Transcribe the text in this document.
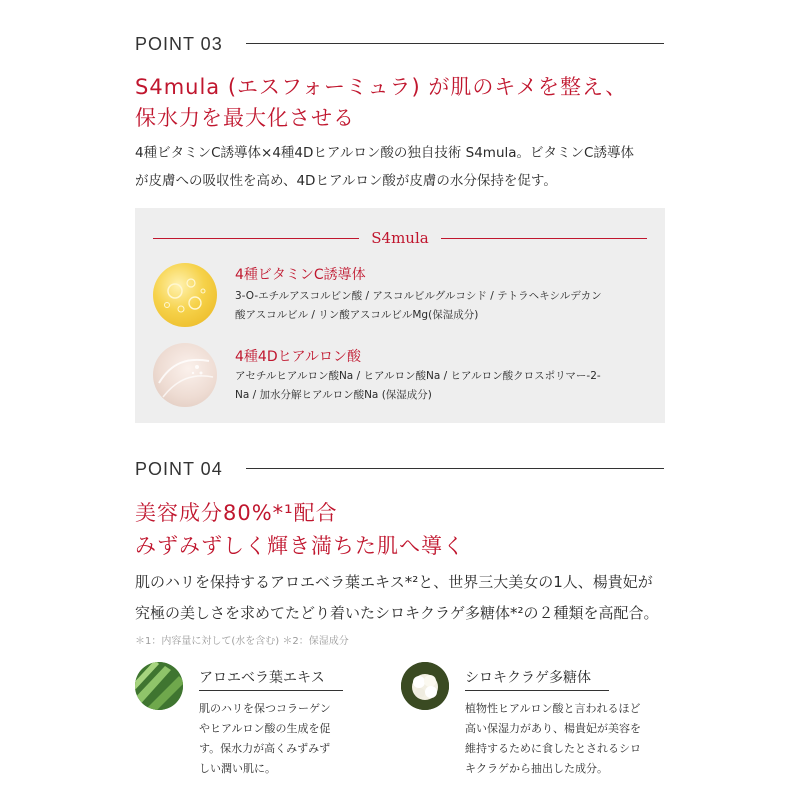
POINT 03
S4mula (エスフォーミュラ) が肌のキメを整え、
保水力を最大化させる
4種ビタミンC誘導体×4種4Dヒアルロン酸の独自技術 S4mula。ビタミンC誘導体
が皮膚への吸収性を高め、4Dヒアルロン酸が皮膚の水分保持を促す。
S4mula
4種ビタミンC誘導体
3-O-エチルアスコルビン酸 / アスコルビルグルコシド / テトラヘキシルデカン
酸アスコルビル / リン酸アスコルビルMg(保湿成分)
4種4Dヒアルロン酸
アセチルヒアルロン酸Na / ヒアルロン酸Na / ヒアルロン酸クロスポリマー-2-
Na / 加水分解ヒアルロン酸Na (保湿成分)
POINT 04
美容成分80%*¹配合
みずみずしく輝き満ちた肌へ導く
肌のハリを保持するアロエベラ葉エキス*²と、世界三大美女の1人、楊貴妃が
究極の美しさを求めてたどり着いたシロキクラゲ多糖体*²の２種類を高配合。
＊1：内容量に対して(水を含む) ＊2：保湿成分
アロエベラ葉エキス
肌のハリを保つコラーゲン
やヒアルロン酸の生成を促
す。保水力が高くみずみず
しい潤い肌に。
シロキクラゲ多糖体
植物性ヒアルロン酸と言われるほど
高い保湿力があり、楊貴妃が美容を
維持するために食したとされるシロ
キクラゲから抽出した成分。
